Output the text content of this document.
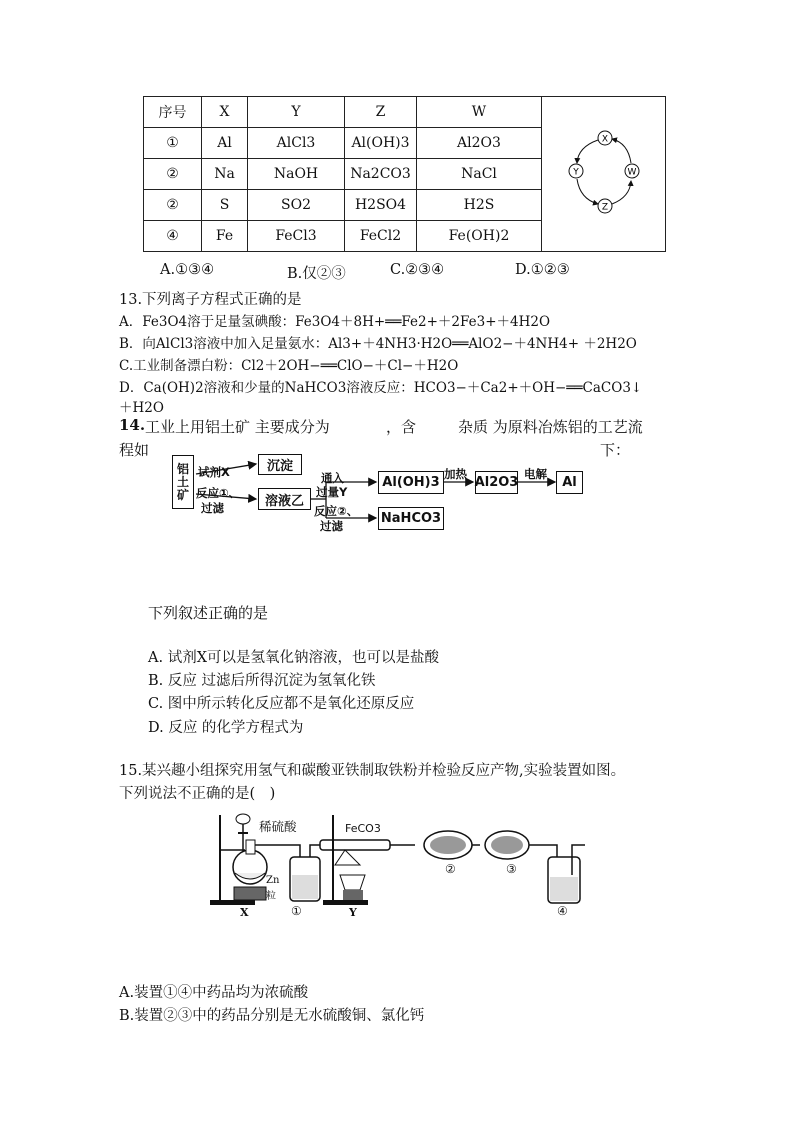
序号	X	Y	Z	W	X
Y W
Z

①	Al	AlCl3	Al(OH)3	Al2O3	
②	Na	NaOH	Na2CO3	NaCl	
②	S	SO2	H2SO4	H2S	
④	Fe	FeCl3	FeCl2	Fe(OH)2	
A.①③④	B.仅②③	C.②③④	D.①②③
13.下列离子方程式正确的是
A．Fe3O4溶于足量氢碘酸：Fe3O4＋8H+══Fe2+＋2Fe3+＋4H2O
B．向AlCl3溶液中加入足量氨水：Al3+＋4NH3·H2O══AlO2−＋4NH4+ ＋2H2O
C.工业制备漂白粉：Cl2＋2OH−══ClO−＋Cl−＋H2O
D．Ca(OH)2溶液和少量的NaHCO3溶液反应：HCO3−＋Ca2+＋OH−══CaCO3↓
＋H2O
14. 工业上用铝土矿 主要成分为	，含	杂质 为原料冶炼铝的工艺流
程如	下：
铝土矿
试剂X
反应①、
过滤
沉淀
溶液乙
通入
过量Y
反应②、
过滤
Al(OH)3
加热
Al2O3
电解
Al
NaHCO3
下列叙述正确的是
A. 试剂X可以是氢氧化钠溶液，也可以是盐酸
B. 反应 过滤后所得沉淀为氢氧化铁
C. 图中所示转化反应都不是氧化还原反应
D. 反应 的化学方程式为
15.某兴趣小组探究用氢气和碳酸亚铁制取铁粉并检验反应产物,实验装置如图。
下列说法不正确的是(　)
稀硫酸	FeCO3
Zn
粒
X	①	Y
②	③
④
A.装置①④中药品均为浓硫酸
B.装置②③中的药品分别是无水硫酸铜、氯化钙
